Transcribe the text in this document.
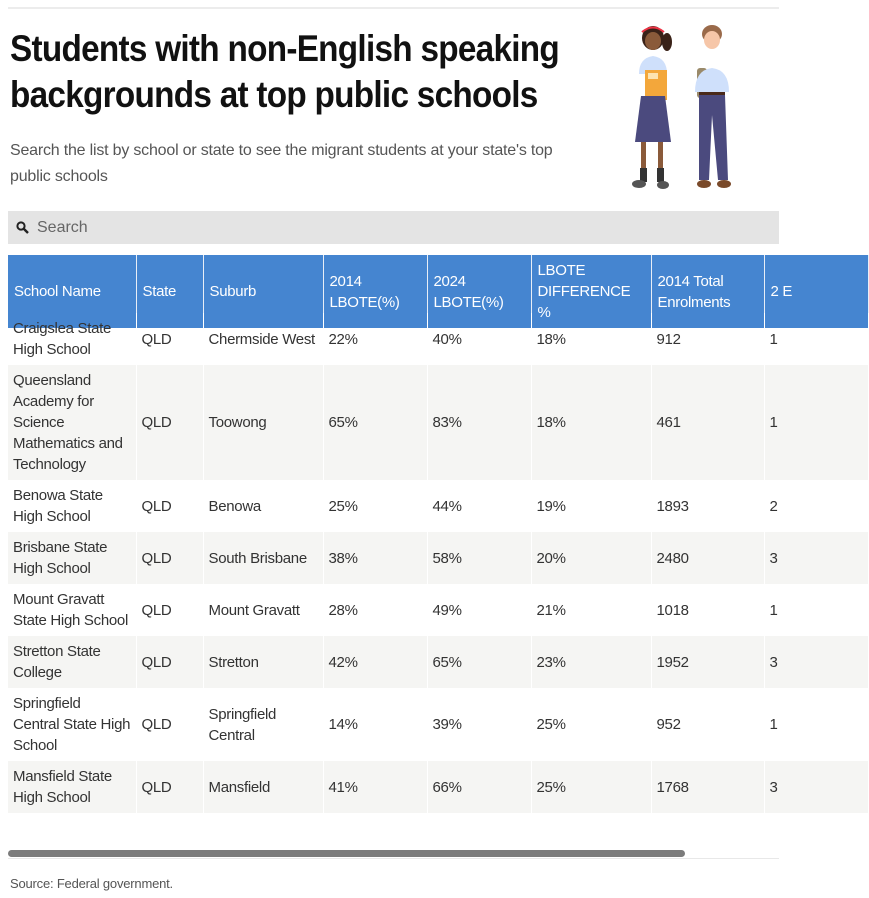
Students with non-English speaking backgrounds at top public schools
Search the list by school or state to see the migrant students at your state's top public schools
Search
School Name	State	Suburb	2014 LBOTE(%)	2024 LBOTE(%)	LBOTE DIFFERENCE %	2014 Total Enrolments	2 E
Craigslea State High School	QLD	Chermside West	22%	40%	18%	912	1
Queensland Academy for Science Mathematics and Technology	QLD	Toowong	65%	83%	18%	461	1
Benowa State High School	QLD	Benowa	25%	44%	19%	1893	2
Brisbane State High School	QLD	South Brisbane	38%	58%	20%	2480	3
Mount Gravatt State High School	QLD	Mount Gravatt	28%	49%	21%	1018	1
Stretton State College	QLD	Stretton	42%	65%	23%	1952	3
Springfield Central State High School	QLD	Springfield Central	14%	39%	25%	952	1
Mansfield State High School	QLD	Mansfield	41%	66%	25%	1768	3
Source: Federal government.
